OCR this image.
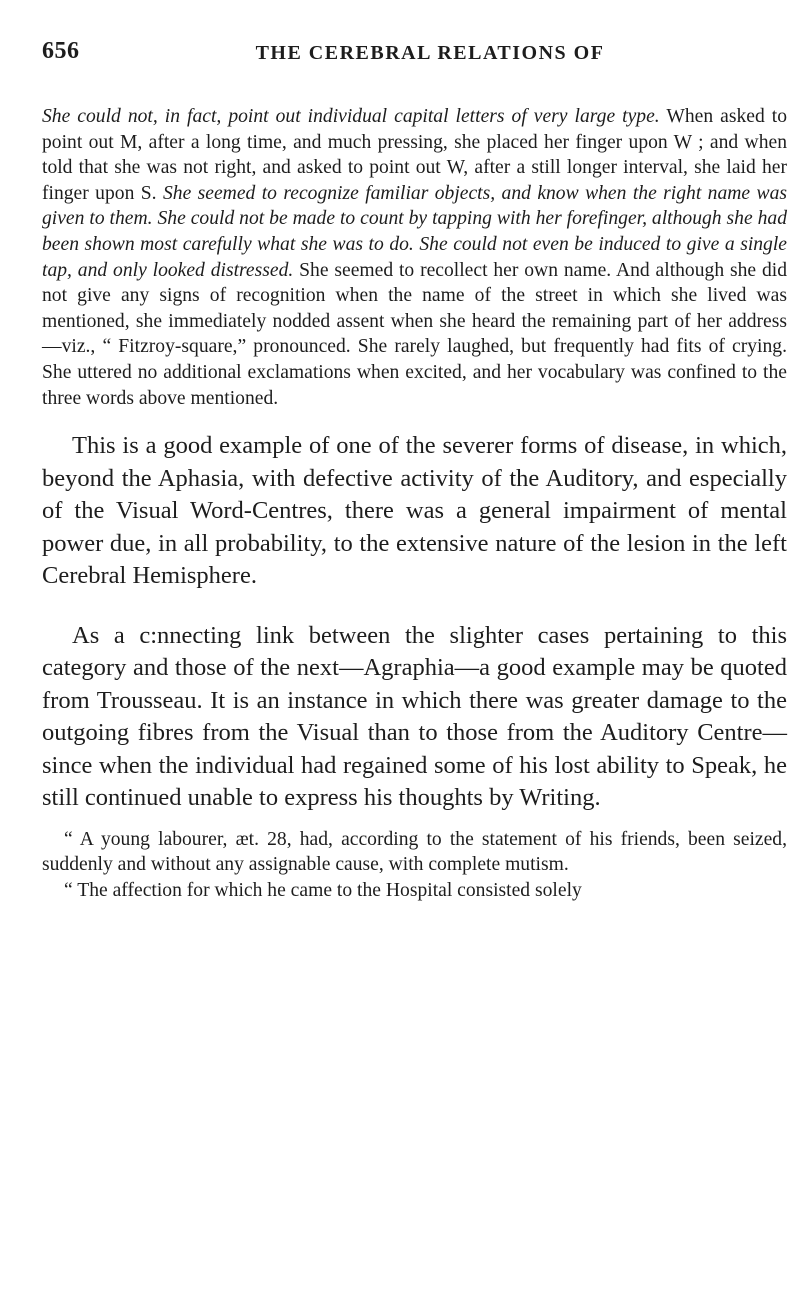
656	THE CEREBRAL RELATIONS OF

She could not, in fact, point out individual capital letters of very large type. When asked to point out M, after a long time, and much pressing, she placed her finger upon W ; and when told that she was not right, and asked to point out W, after a still longer interval, she laid her finger upon S. She seemed to recognize familiar objects, and know when the right name was given to them. She could not be made to count by tapping with her forefinger, although she had been shown most carefully what she was to do. She could not even be induced to give a single tap, and only looked distressed. She seemed to recollect her own name. And although she did not give any signs of recognition when the name of the street in which she lived was mentioned, she immediately nodded assent when she heard the remaining part of her address—viz., “ Fitzroy-square,” pronounced. She rarely laughed, but frequently had fits of crying. She uttered no additional exclamations when excited, and her vocabulary was confined to the three words above mentioned.

This is a good example of one of the severer forms of disease, in which, beyond the Aphasia, with defective activity of the Auditory, and especially of the Visual Word-Centres, there was a general impairment of mental power due, in all probability, to the extensive nature of the lesion in the left Cerebral Hemisphere.

As a c:nnecting link between the slighter cases pertaining to this category and those of the next—Agraphia—a good example may be quoted from Trousseau. It is an instance in which there was greater damage to the outgoing fibres from the Visual than to those from the Auditory Centre—since when the individual had regained some of his lost ability to Speak, he still continued unable to express his thoughts by Writing.

“ A young labourer, æt. 28, had, according to the statement of his friends, been seized, suddenly and without any assignable cause, with complete mutism.

“ The affection for which he came to the Hospital consisted solely
